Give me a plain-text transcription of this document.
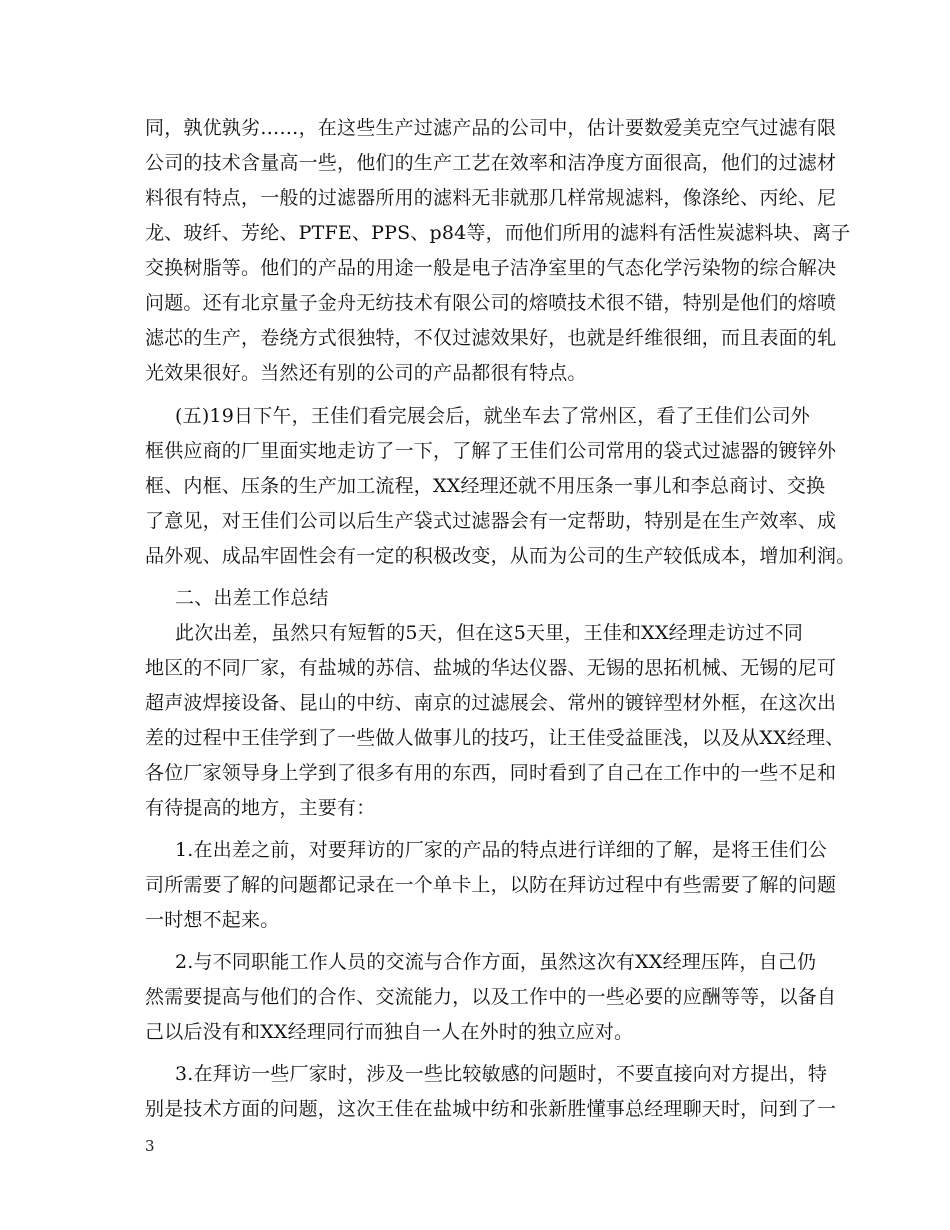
同，孰优孰劣……，在这些生产过滤产品的公司中，估计要数爱美克空气过滤有限
公司的技术含量高一些，他们的生产工艺在效率和洁净度方面很高，他们的过滤材
料很有特点，一般的过滤器所用的滤料无非就那几样常规滤料，像涤纶、丙纶、尼
龙、玻纤、芳纶、PTFE、PPS、p84等，而他们所用的滤料有活性炭滤料块、离子
交换树脂等。他们的产品的用途一般是电子洁净室里的气态化学污染物的综合解决
问题。还有北京量子金舟无纺技术有限公司的熔喷技术很不错，特别是他们的熔喷
滤芯的生产，卷绕方式很独特，不仅过滤效果好，也就是纤维很细，而且表面的轧
光效果很好。当然还有别的公司的产品都很有特点。
(五)19日下午，王佳们看完展会后，就坐车去了常州区，看了王佳们公司外
框供应商的厂里面实地走访了一下，了解了王佳们公司常用的袋式过滤器的镀锌外
框、内框、压条的生产加工流程，XX经理还就不用压条一事儿和李总商讨、交换
了意见，对王佳们公司以后生产袋式过滤器会有一定帮助，特别是在生产效率、成
品外观、成品牢固性会有一定的积极改变，从而为公司的生产较低成本，增加利润。
二、出差工作总结
此次出差，虽然只有短暂的5天，但在这5天里，王佳和XX经理走访过不同
地区的不同厂家，有盐城的苏信、盐城的华达仪器、无锡的思拓机械、无锡的尼可
超声波焊接设备、昆山的中纺、南京的过滤展会、常州的镀锌型材外框，在这次出
差的过程中王佳学到了一些做人做事儿的技巧，让王佳受益匪浅，以及从XX经理、
各位厂家领导身上学到了很多有用的东西，同时看到了自己在工作中的一些不足和
有待提高的地方，主要有：
1.在出差之前，对要拜访的厂家的产品的特点进行详细的了解，是将王佳们公
司所需要了解的问题都记录在一个单卡上，以防在拜访过程中有些需要了解的问题
一时想不起来。
2.与不同职能工作人员的交流与合作方面，虽然这次有XX经理压阵，自己仍
然需要提高与他们的合作、交流能力，以及工作中的一些必要的应酬等等，以备自
己以后没有和XX经理同行而独自一人在外时的独立应对。
3.在拜访一些厂家时，涉及一些比较敏感的问题时，不要直接向对方提出，特
别是技术方面的问题，这次王佳在盐城中纺和张新胜懂事总经理聊天时，问到了一
3
